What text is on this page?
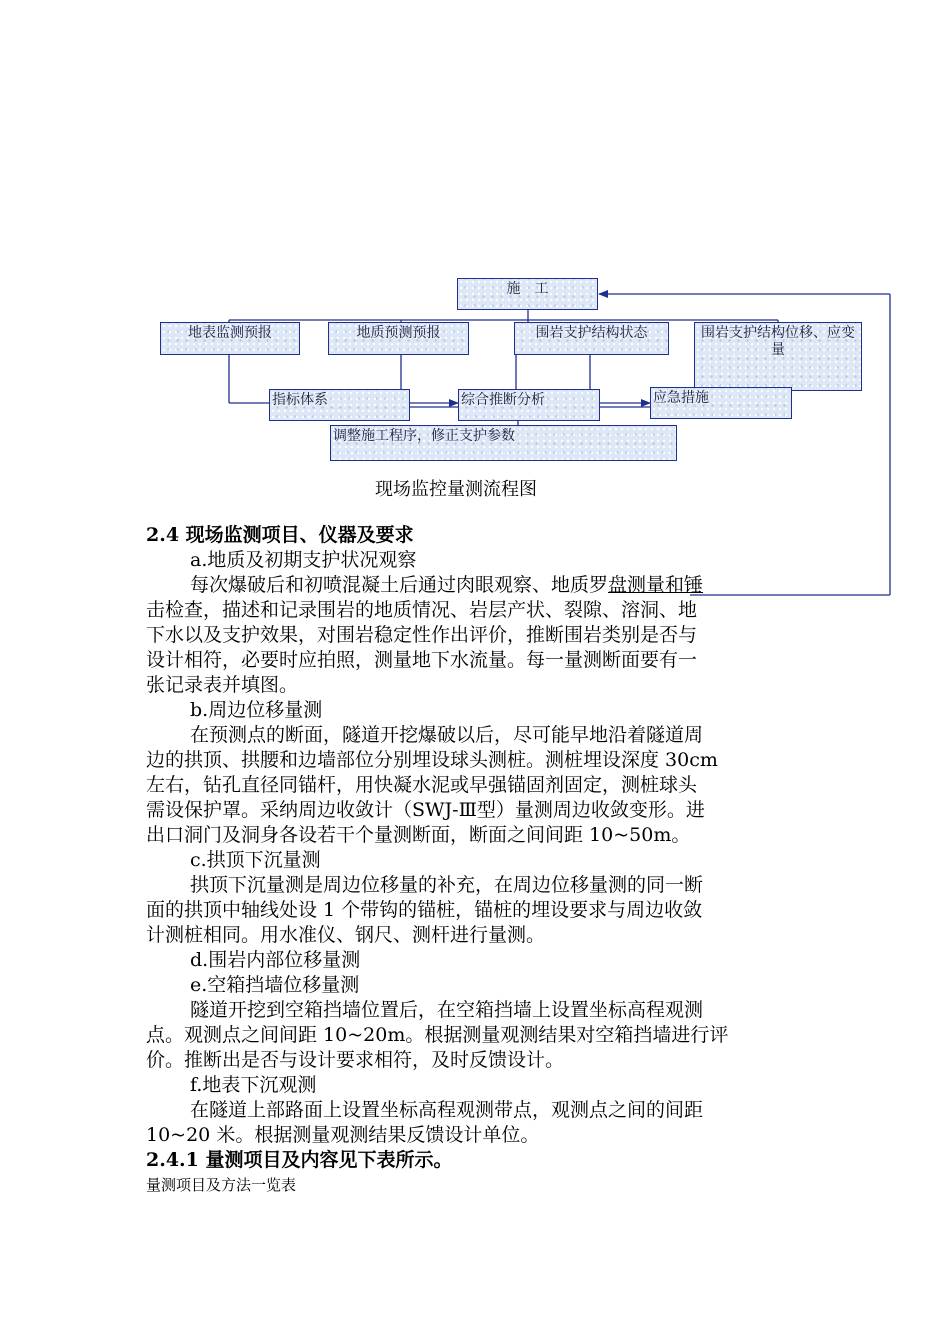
施　工
地表监测预报	地质预测预报	围岩支护结构状态	围岩支护结构位移、应变量
指标体系	综合推断分析	应急措施
调整施工程序，修正支护参数
现场监控量测流程图
2.4 现场监测项目、仪器及要求
a.地质及初期支护状况观察
每次爆破后和初喷混凝土后通过肉眼观察、地质罗盘测量和锤
击检查，描述和记录围岩的地质情况、岩层产状、裂隙、溶洞、地
下水以及支护效果，对围岩稳定性作出评价，推断围岩类别是否与
设计相符，必要时应拍照，测量地下水流量。每一量测断面要有一
张记录表并填图。
b.周边位移量测
在预测点的断面，隧道开挖爆破以后，尽可能早地沿着隧道周
边的拱顶、拱腰和边墙部位分别埋设球头测桩。测桩埋设深度 30cm
左右，钻孔直径同锚杆，用快凝水泥或早强锚固剂固定，测桩球头
需设保护罩。采纳周边收敛计（SWJ-Ⅲ型）量测周边收敛变形。进
出口洞门及洞身各设若干个量测断面，断面之间间距 10~50m。
c.拱顶下沉量测
拱顶下沉量测是周边位移量的补充，在周边位移量测的同一断
面的拱顶中轴线处设 1 个带钩的锚桩，锚桩的埋设要求与周边收敛
计测桩相同。用水准仪、钢尺、测杆进行量测。
d.围岩内部位移量测
e.空箱挡墙位移量测
隧道开挖到空箱挡墙位置后，在空箱挡墙上设置坐标高程观测
点。观测点之间间距 10~20m。根据测量观测结果对空箱挡墙进行评
价。推断出是否与设计要求相符，及时反馈设计。
f.地表下沉观测
在隧道上部路面上设置坐标高程观测带点，观测点之间的间距
10~20 米。根据测量观测结果反馈设计单位。
2.4.1 量测项目及内容见下表所示。
量测项目及方法一览表
